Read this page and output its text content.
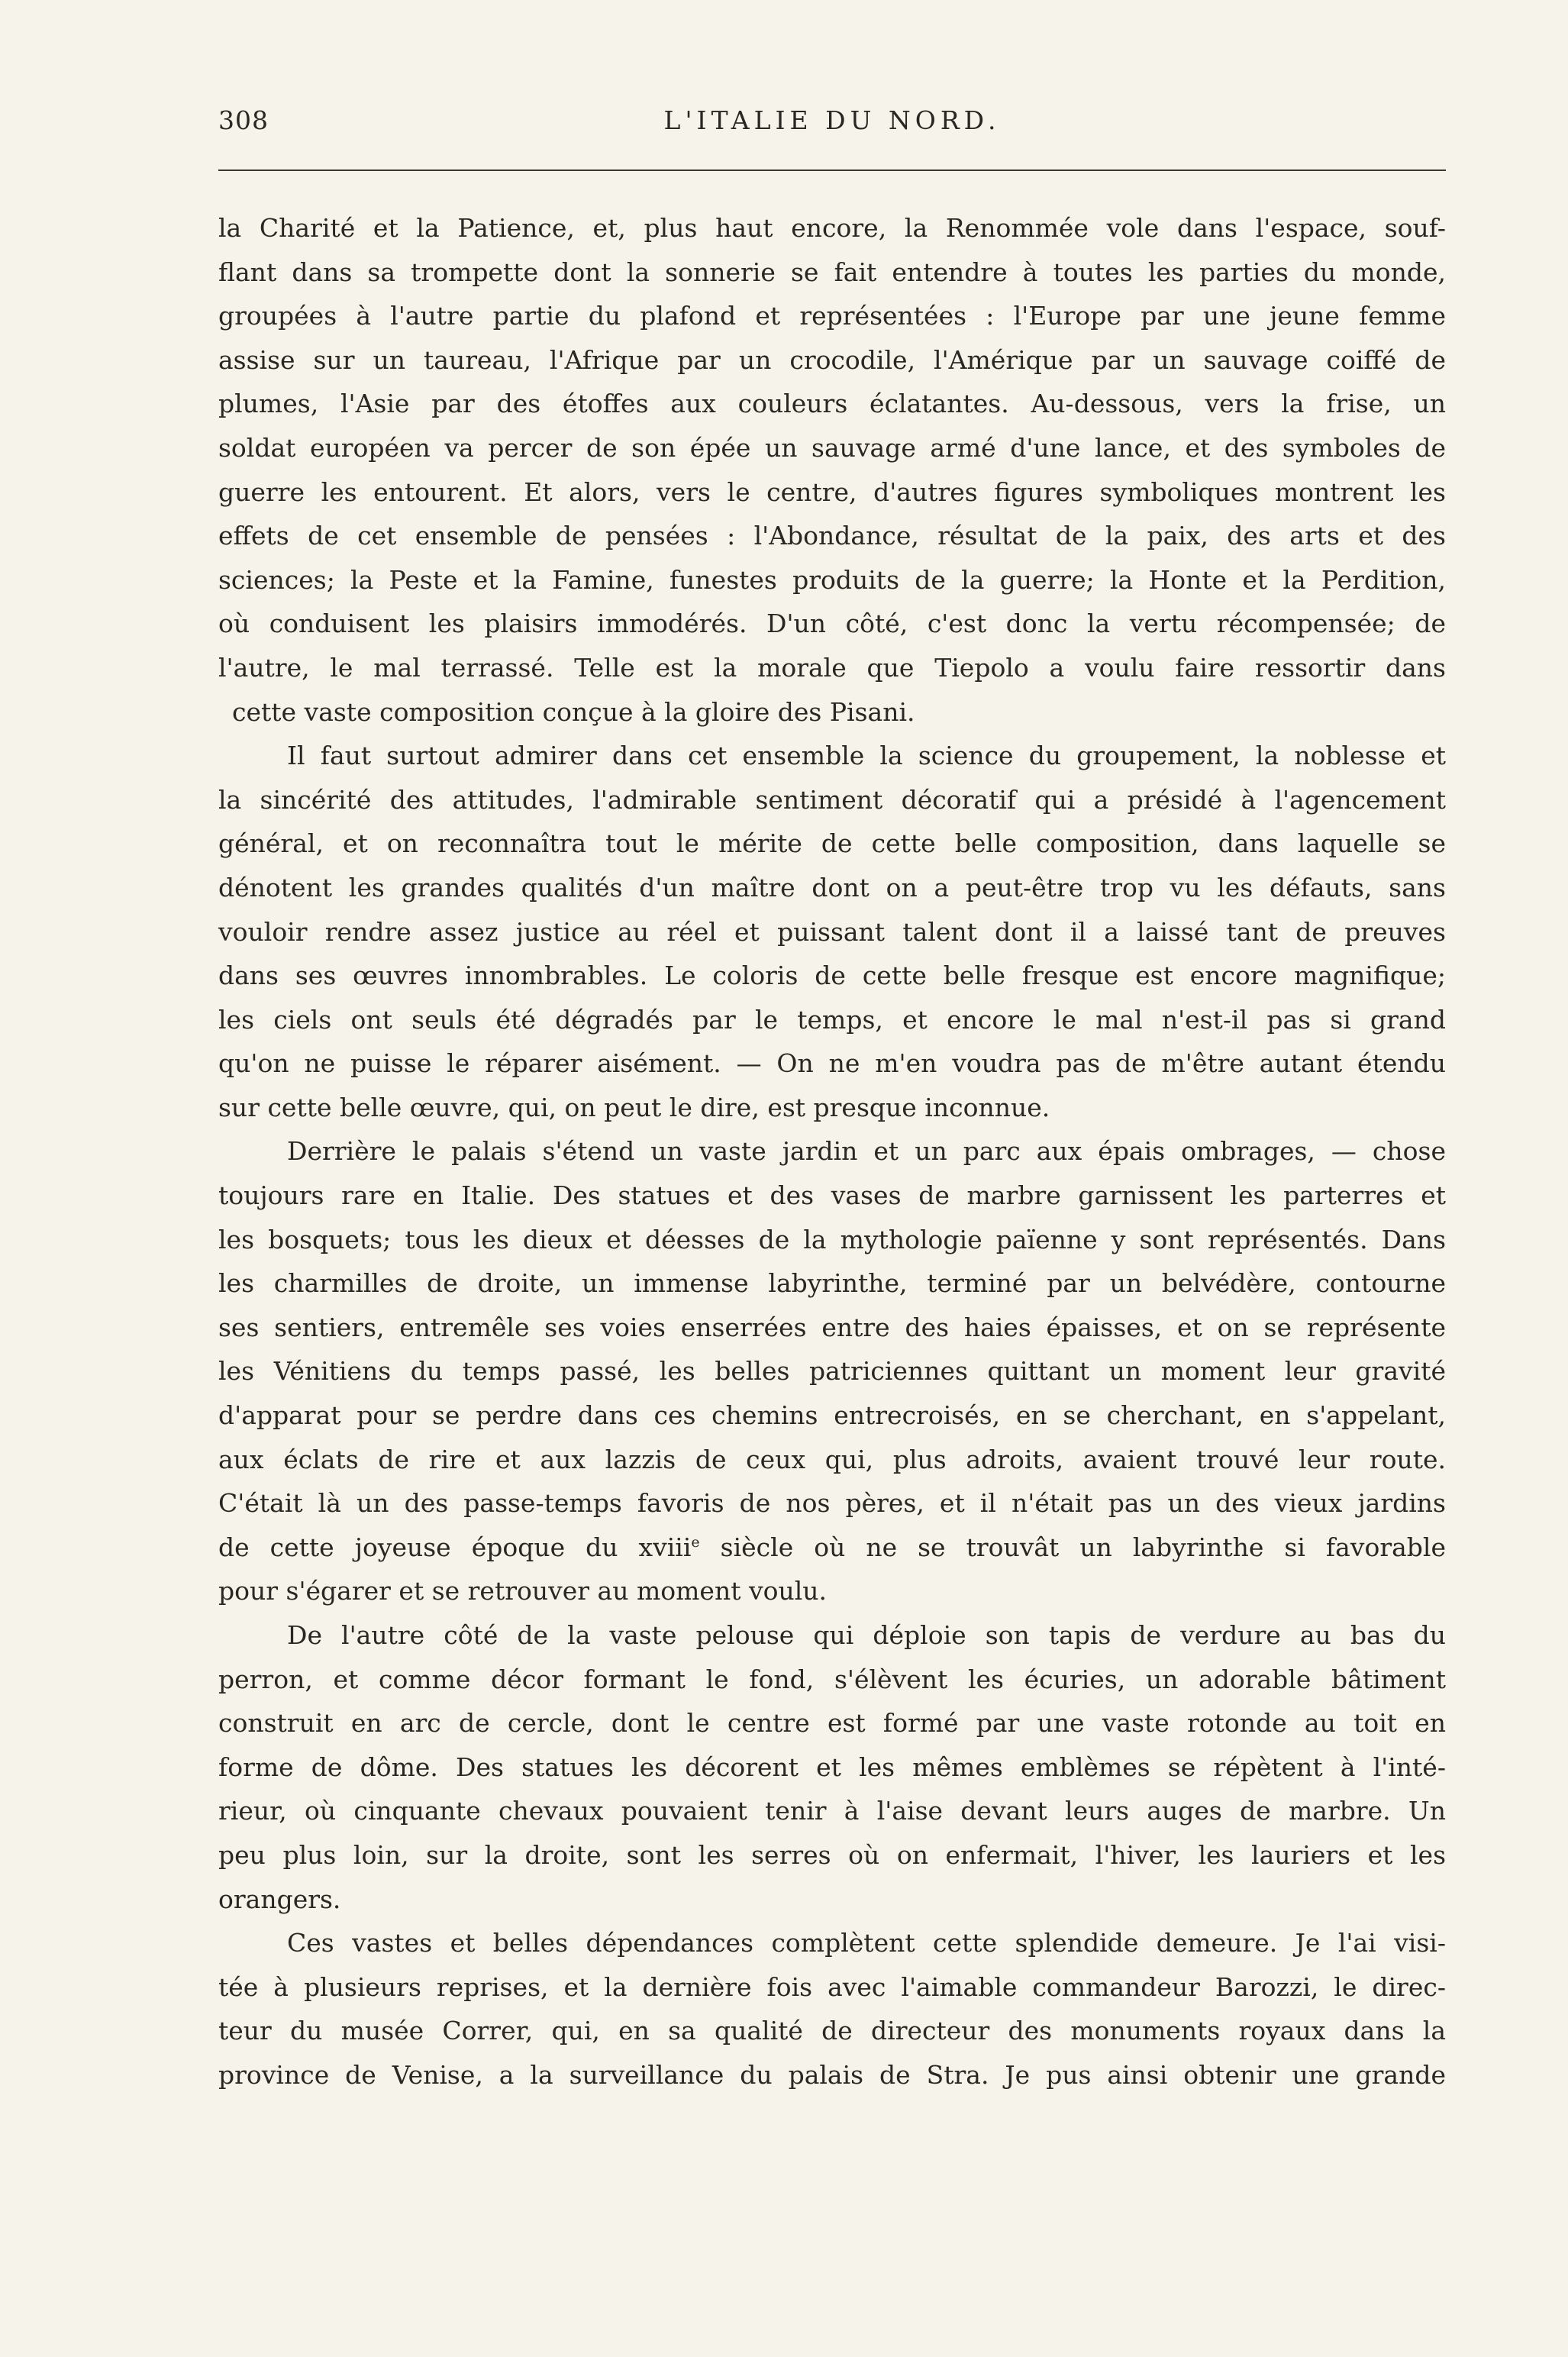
308	L'ITALIE DU NORD.
la Charité et la Patience, et, plus haut encore, la Renommée vole dans l'espace, souf-
flant dans sa trompette dont la sonnerie se fait entendre à toutes les parties du monde,
groupées à l'autre partie du plafond et représentées : l'Europe par une jeune femme
assise sur un taureau, l'Afrique par un crocodile, l'Amérique par un sauvage coiffé de
plumes, l'Asie par des étoffes aux couleurs éclatantes. Au-dessous, vers la frise, un
soldat européen va percer de son épée un sauvage armé d'une lance, et des symboles de
guerre les entourent. Et alors, vers le centre, d'autres figures symboliques montrent les
effets de cet ensemble de pensées : l'Abondance, résultat de la paix, des arts et des
sciences; la Peste et la Famine, funestes produits de la guerre; la Honte et la Perdition,
où conduisent les plaisirs immodérés. D'un côté, c'est donc la vertu récompensée; de
l'autre, le mal terrassé. Telle est la morale que Tiepolo a voulu faire ressortir dans
cette vaste composition conçue à la gloire des Pisani.
Il faut surtout admirer dans cet ensemble la science du groupement, la noblesse et
la sincérité des attitudes, l'admirable sentiment décoratif qui a présidé à l'agencement
général, et on reconnaîtra tout le mérite de cette belle composition, dans laquelle se
dénotent les grandes qualités d'un maître dont on a peut-être trop vu les défauts, sans
vouloir rendre assez justice au réel et puissant talent dont il a laissé tant de preuves
dans ses œuvres innombrables. Le coloris de cette belle fresque est encore magnifique;
les ciels ont seuls été dégradés par le temps, et encore le mal n'est-il pas si grand
qu'on ne puisse le réparer aisément. — On ne m'en voudra pas de m'être autant étendu
sur cette belle œuvre, qui, on peut le dire, est presque inconnue.
Derrière le palais s'étend un vaste jardin et un parc aux épais ombrages, — chose
toujours rare en Italie. Des statues et des vases de marbre garnissent les parterres et
les bosquets; tous les dieux et déesses de la mythologie païenne y sont représentés. Dans
les charmilles de droite, un immense labyrinthe, terminé par un belvédère, contourne
ses sentiers, entremêle ses voies enserrées entre des haies épaisses, et on se représente
les Vénitiens du temps passé, les belles patriciennes quittant un moment leur gravité
d'apparat pour se perdre dans ces chemins entrecroisés, en se cherchant, en s'appelant,
aux éclats de rire et aux lazzis de ceux qui, plus adroits, avaient trouvé leur route.
C'était là un des passe-temps favoris de nos pères, et il n'était pas un des vieux jardins
de cette joyeuse époque du xviii$^e$ siècle où ne se trouvât un labyrinthe si favorable
pour s'égarer et se retrouver au moment voulu.
De l'autre côté de la vaste pelouse qui déploie son tapis de verdure au bas du
perron, et comme décor formant le fond, s'élèvent les écuries, un adorable bâtiment
construit en arc de cercle, dont le centre est formé par une vaste rotonde au toit en
forme de dôme. Des statues les décorent et les mêmes emblèmes se répètent à l'inté-
rieur, où cinquante chevaux pouvaient tenir à l'aise devant leurs auges de marbre. Un
peu plus loin, sur la droite, sont les serres où on enfermait, l'hiver, les lauriers et les
orangers.
Ces vastes et belles dépendances complètent cette splendide demeure. Je l'ai visi-
tée à plusieurs reprises, et la dernière fois avec l'aimable commandeur Barozzi, le direc-
teur du musée Correr, qui, en sa qualité de directeur des monuments royaux dans la
province de Venise, a la surveillance du palais de Stra. Je pus ainsi obtenir une grande
